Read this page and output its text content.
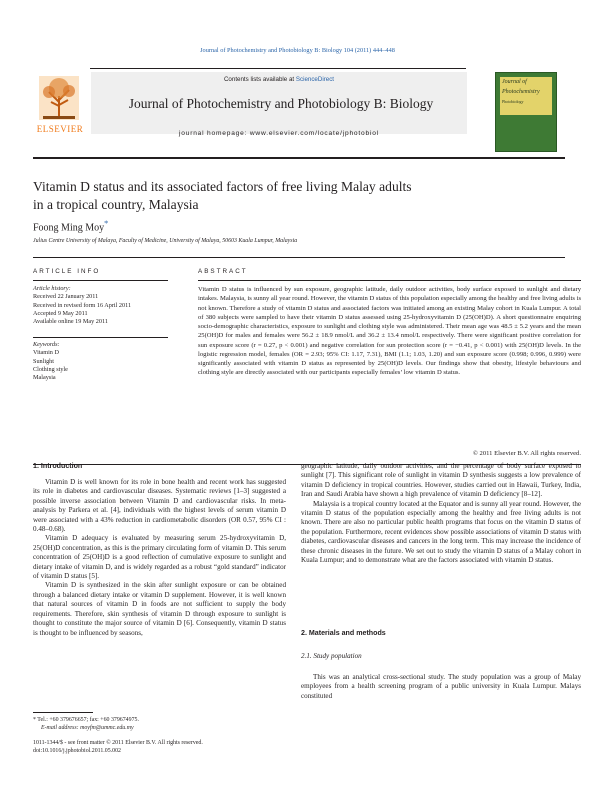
Journal of Photochemistry and Photobiology B: Biology 104 (2011) 444–448
ELSEVIER
Contents lists available at ScienceDirect
Journal of Photochemistry and Photobiology B: Biology
journal homepage: www.elsevier.com/locate/jphotobiol
Journal of
Photochemistry
Photobiology
Vitamin D status and its associated factors of free living Malay adults
in a tropical country, Malaysia
Foong Ming Moy*
Julius Centre University of Malaya, Faculty of Medicine, University of Malaya, 50603 Kuala Lumpur, Malaysia
ARTICLE INFO
Article history:
Received 22 January 2011
Received in revised form 16 April 2011
Accepted 9 May 2011
Available online 19 May 2011
Keywords:
Vitamin D
Sunlight
Clothing style
Malaysia
ABSTRACT
Vitamin D status is influenced by sun exposure, geographic latitude, daily outdoor activities, body surface exposed to sunlight and dietary intakes. Malaysia, is sunny all year round. However, the vitamin D status of this population especially among the healthy and free living adults is not known. Therefore a study of vitamin D status and associated factors was initiated among an existing Malay cohort in Kuala Lumpur. A total of 380 subjects were sampled to have their vitamin D status assessed using 25-hydroxyvitamin D (25(OH)D). A short questionnaire enquiring socio-demographic characteristics, exposure to sunlight and clothing style was administered. Their mean age was 48.5 ± 5.2 years and the mean 25(OH)D for males and females were 56.2 ± 18.9 nmol/L and 36.2 ± 13.4 nmol/L respectively. There were significant positive correlation for sun exposure score (r = 0.27, p < 0.001) and negative correlation for sun protection score (r = −0.41, p < 0.001) with 25(OH)D levels. In the logistic regression model, females (OR = 2.93; 95% CI: 1.17, 7.31), BMI (1.1; 1.03, 1.20) and sun exposure score (0.998; 0.996, 0.999) were significantly associated with vitamin D status as represented by 25(OH)D levels. Our findings show that obesity, lifestyle behaviours and clothing style are directly associated with our participants especially females’ low vitamin D status.
© 2011 Elsevier B.V. All rights reserved.
1. Introduction

Vitamin D is well known for its role in bone health and recent work has suggested its role in diabetes and cardiovascular diseases. Systematic reviews [1–3] suggested a possible inverse association between Vitamin D and cardiovascular risks. In meta-analysis by Parkera et al. [4], individuals with the highest levels of serum vitamin D were associated with a 43% reduction in cardiometabolic disorders (OR 0.57, 95% CI : 0.48–0.68).

Vitamin D adequacy is evaluated by measuring serum 25-hydroxyvitamin D, 25(OH)D concentration, as this is the primary circulating form of vitamin D. This serum concentration of 25(OH)D is a good reflection of cumulative exposure to sunlight and dietary intake of vitamin D, and is widely regarded as a robust “gold standard” indicator of vitamin D status [5].

Vitamin D is synthesized in the skin after sunlight exposure or can be obtained through a balanced dietary intake or vitamin D supplement. However, it is well known that natural sources of vitamin D in foods are not sufficient to supply the body requirements. Therefore, skin synthesis of vitamin D through exposure to sunlight is thought to constitute the major source of vitamin D [6]. Consequently, vitamin D status is thought to be influenced by seasons,

geographic latitude, daily outdoor activities, and the percentage of body surface exposed to sunlight [7]. This significant role of sunlight in vitamin D synthesis suggests a low prevalence of vitamin D deficiency in tropical countries. However, studies carried out in Hawaii, Turkey, India, Iran and Saudi Arabia have shown a high prevalence of vitamin D deficiency [8–12].

Malaysia is a tropical country located at the Equator and is sunny all year round. However, the vitamin D status of the population especially among the healthy and free living adults is not known. There are also no particular public health programs that focus on the vitamin D status of the population. Furthermore, recent evidences show possible associations of vitamin D status with diabetes, cardiovascular diseases and cancers in the long term. This may increase the incidence of these chronic diseases in the future. We set out to study the vitamin D status of a Malay cohort in Kuala Lumpur; and to demonstrate what are the factors associated with vitamin D status.

2. Materials and methods
2.1. Study population

This was an analytical cross-sectional study. The study population was a group of Malay employees from a health screening program of a public university in Kuala Lumpur. Malays constituted

* Tel.: +60 379676657; fax: +60 379674975.
E-mail address: moyfm@ummc.edu.my
1011-1344/$ - see front matter © 2011 Elsevier B.V. All rights reserved.
doi:10.1016/j.jphotobiol.2011.05.002
